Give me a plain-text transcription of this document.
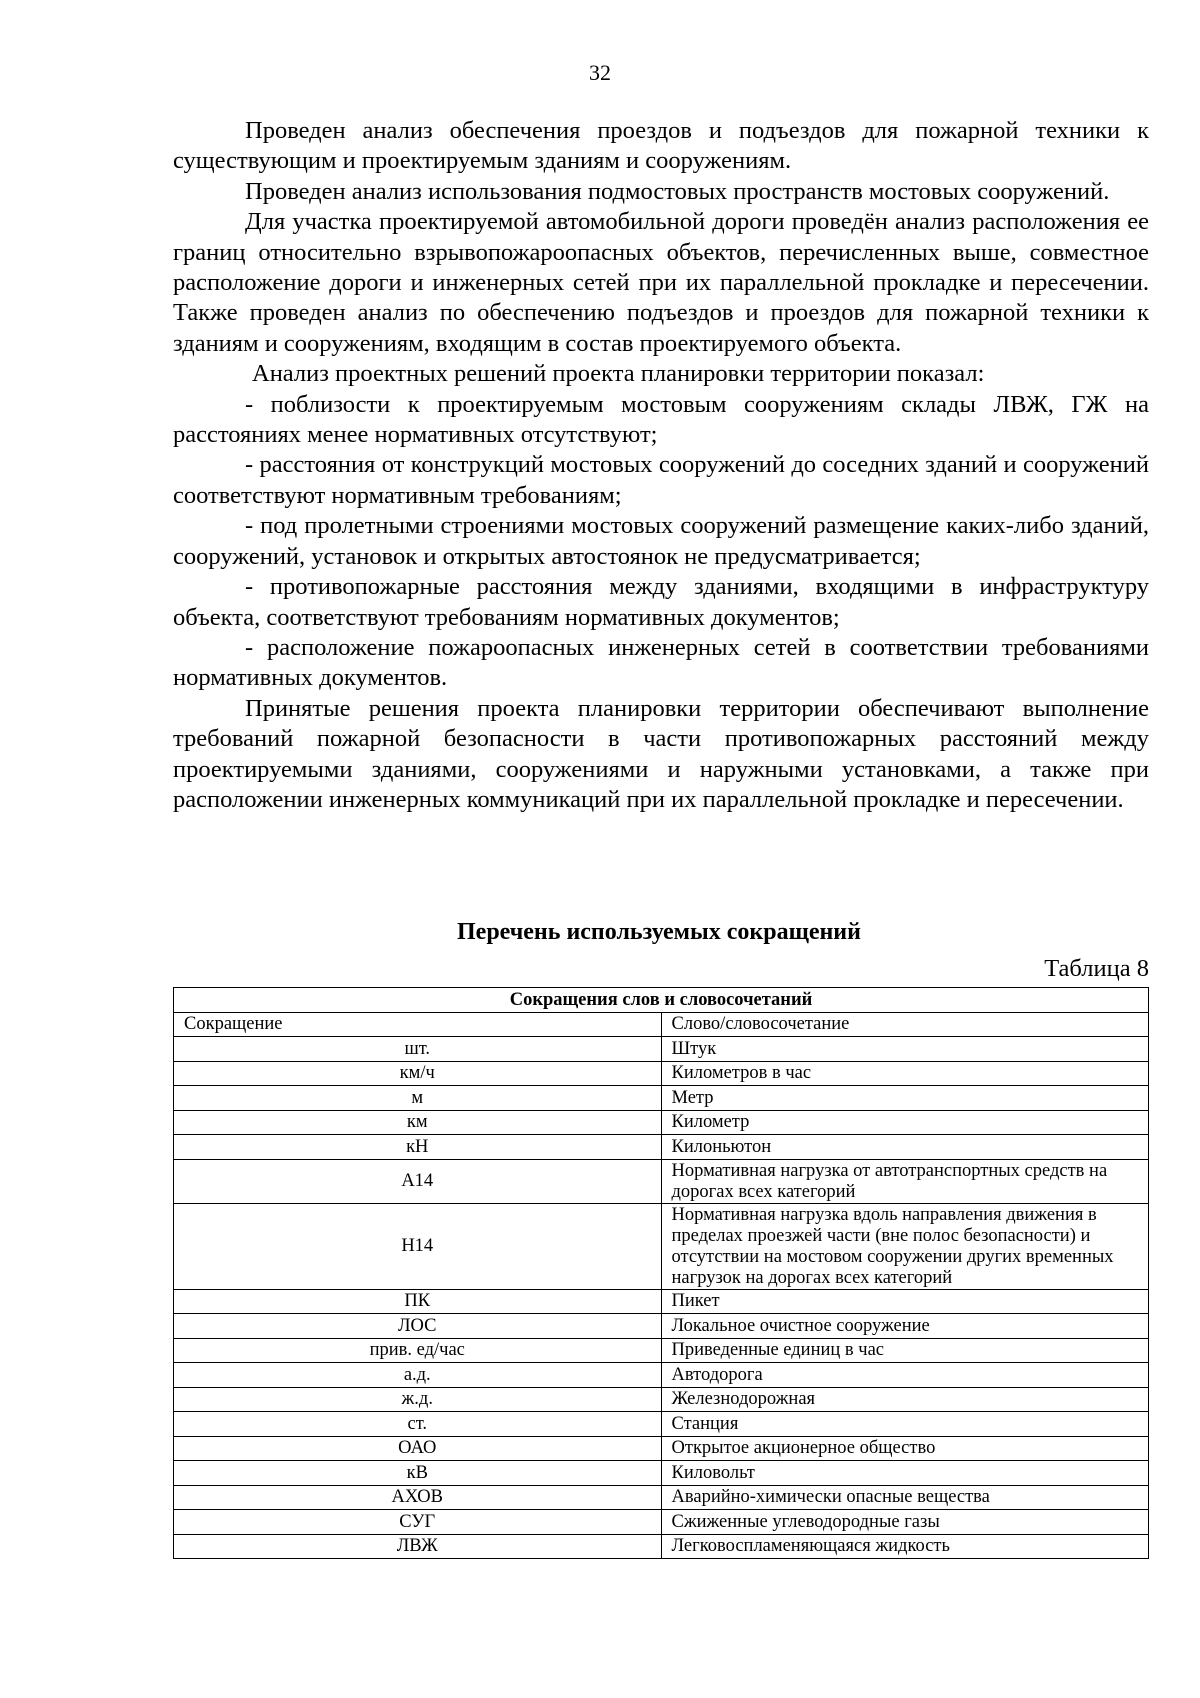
32

Проведен анализ обеспечения проездов и подъездов для пожарной техники к существующим и проектируемым зданиям и сооружениям.

Проведен анализ использования подмостовых пространств мостовых сооружений.

Для участка проектируемой автомобильной дороги проведён анализ расположения ее границ относительно взрывопожароопасных объектов, перечисленных выше, совместное расположение дороги и инженерных сетей при их параллельной прокладке и пересечении. Также проведен анализ по обеспечению подъездов и проездов для пожарной техники к зданиям и сооружениям, входящим в состав проектируемого объекта.

Анализ проектных решений проекта планировки территории показал:

- поблизости к проектируемым мостовым сооружениям склады ЛВЖ, ГЖ на расстояниях менее нормативных отсутствуют;

- расстояния от конструкций мостовых сооружений до соседних зданий и сооружений соответствуют нормативным требованиям;

- под пролетными строениями мостовых сооружений размещение каких-либо зданий, сооружений, установок и открытых автостоянок не предусматривается;

- противопожарные расстояния между зданиями, входящими в инфраструктуру объекта, соответствуют требованиям нормативных документов;

- расположение пожароопасных инженерных сетей в соответствии требованиями нормативных документов.

Принятые решения проекта планировки территории обеспечивают выполнение требований пожарной безопасности в части противопожарных расстояний между проектируемыми зданиями, сооружениями и наружными установками, а также при расположении инженерных коммуникаций при их параллельной прокладке и пересечении.

Перечень используемых сокращений
Таблица 8
Сокращения слов и словосочетаний	
Сокращение	Слово/словосочетание
шт.	Штук
км/ч	Километров в час
м	Метр
км	Километр
кН	Килоньютон
А14	Нормативная нагрузка от автотранспортных средств на дорогах всех категорий
Н14	Нормативная нагрузка вдоль направления движения в пределах проезжей части (вне полос безопасности) и отсутствии на мостовом сооружении других временных нагрузок на дорогах всех категорий
ПК	Пикет
ЛОС	Локальное очистное сооружение
прив. ед/час	Приведенные единиц в час
а.д.	Автодорога
ж.д.	Железнодорожная
ст.	Станция
ОАО	Открытое акционерное общество
кВ	Киловольт
АХОВ	Аварийно-химически опасные вещества
СУГ	Сжиженные углеводородные газы
ЛВЖ	Легковоспламеняющаяся жидкость
